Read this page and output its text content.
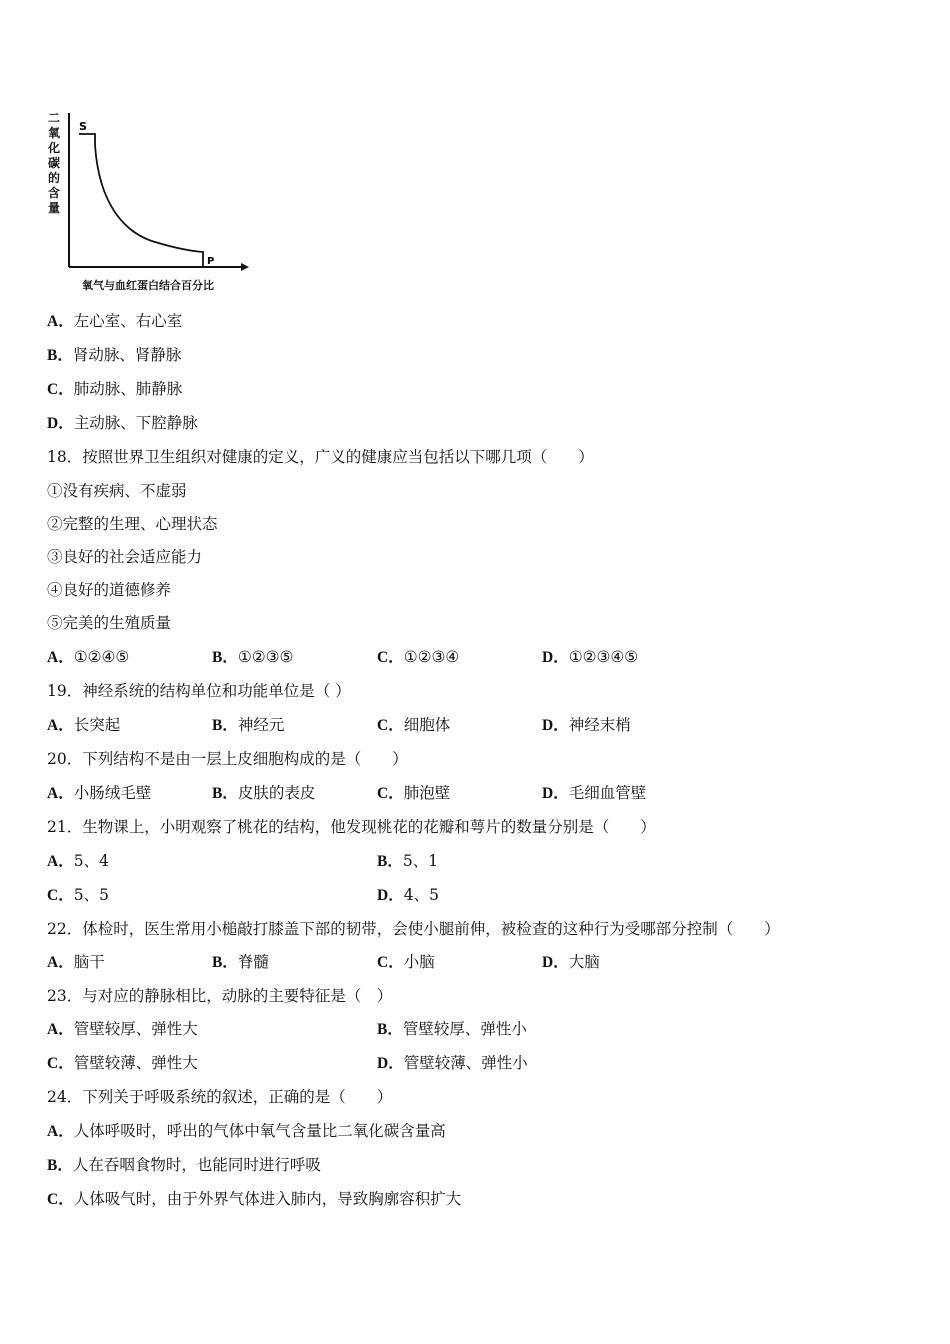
二氧化碳的含量
S
P
氧气与血红蛋白结合百分比
A．左心室、右心室
B．肾动脉、肾静脉
C．肺动脉、肺静脉
D．主动脉、下腔静脉
18．按照世界卫生组织对健康的定义，广义的健康应当包括以下哪几项（　　）
①没有疾病、不虚弱
②完整的生理、心理状态
③良好的社会适应能力
④良好的道德修养
⑤完美的生殖质量
A．①②④⑤	B．①②③⑤	C．①②③④	D．①②③④⑤
19．神经系统的结构单位和功能单位是（ ）
A．长突起	B．神经元	C．细胞体	D．神经末梢
20．下列结构不是由一层上皮细胞构成的是（　　）
A．小肠绒毛壁	B．皮肤的表皮	C．肺泡壁	D．毛细血管壁
21．生物课上，小明观察了桃花的结构，他发现桃花的花瓣和萼片的数量分别是（　　）
A．5、4	B．5、1
C．5、5	D．4、5
22．体检时，医生常用小槌敲打膝盖下部的韧带，会使小腿前伸，被检查的这种行为受哪部分控制（　　）
A．脑干	B．脊髓	C．小脑	D．大脑
23．与对应的静脉相比，动脉的主要特征是（　）
A．管壁较厚、弹性大	B．管壁较厚、弹性小
C．管壁较薄、弹性大	D．管壁较薄、弹性小
24．下列关于呼吸系统的叙述，正确的是（　　）
A．人体呼吸时，呼出的气体中氧气含量比二氧化碳含量高
B．人在吞咽食物时，也能同时进行呼吸
C．人体吸气时，由于外界气体进入肺内，导致胸廓容积扩大
